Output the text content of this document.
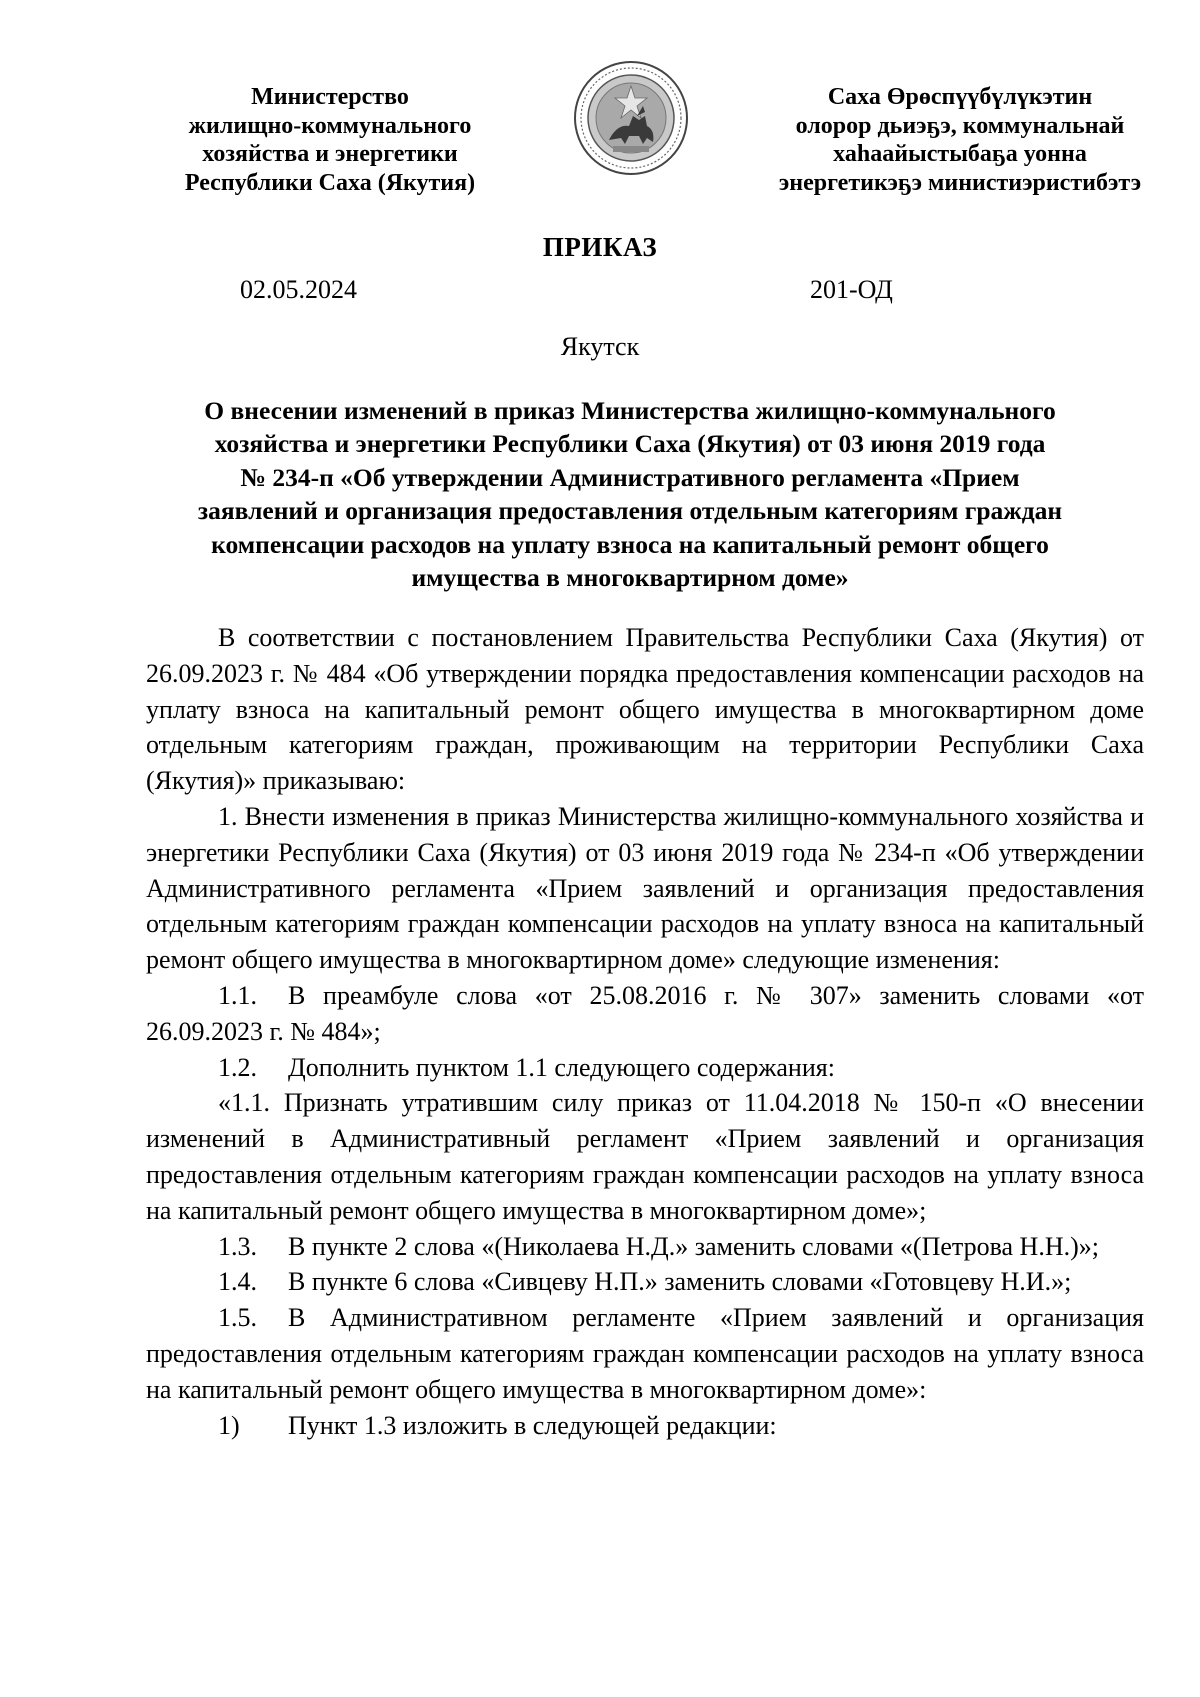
Министерство
жилищно-коммунального
хозяйства и энергетики
Республики Саха (Якутия)
Саха Өрөспүүбүлүкэтин
олорор дьиэҕэ, коммунальнай
хаһаайыстыбаҕа уонна
энергетикэҕэ министиэристибэтэ
ПРИКАЗ
02.05.2024	201-ОД
Якутск
О внесении изменений в приказ Министерства жилищно-коммунального
хозяйства и энергетики Республики Саха (Якутия) от 03 июня 2019 года
№ 234-п «Об утверждении Административного регламента «Прием
заявлений и организация предоставления отдельным категориям граждан
компенсации расходов на уплату взноса на капитальный ремонт общего
имущества в многоквартирном доме»

В соответствии с постановлением Правительства Республики Саха (Якутия) от 26.09.2023 г. № 484 «Об утверждении порядка предоставления компенсации расходов на уплату взноса на капитальный ремонт общего имущества в многоквартирном доме отдельным категориям граждан, проживающим на территории Республики Саха (Якутия)» приказываю:

1. Внести изменения в приказ Министерства жилищно-коммунального хозяйства и энергетики Республики Саха (Якутия) от 03 июня 2019 года № 234-п «Об утверждении Административного регламента «Прием заявлений и организация предоставления отдельным категориям граждан компенсации расходов на уплату взноса на капитальный ремонт общего имущества в многоквартирном доме» следующие изменения:

1.1. В преамбуле слова «от 25.08.2016 г. № 307» заменить словами «от 26.09.2023 г. № 484»;

1.2. Дополнить пунктом 1.1 следующего содержания:

«1.1. Признать утратившим силу приказ от 11.04.2018 № 150-п «О внесении изменений в Административный регламент «Прием заявлений и организация предоставления отдельным категориям граждан компенсации расходов на уплату взноса на капитальный ремонт общего имущества в многоквартирном доме»;

1.3. В пункте 2 слова «(Николаева Н.Д.» заменить словами «(Петрова Н.Н.)»;

1.4. В пункте 6 слова «Сивцеву Н.П.» заменить словами «Готовцеву Н.И.»;

1.5. В Административном регламенте «Прием заявлений и организация предоставления отдельным категориям граждан компенсации расходов на уплату взноса на капитальный ремонт общего имущества в многоквартирном доме»:

1) Пункт 1.3 изложить в следующей редакции:
